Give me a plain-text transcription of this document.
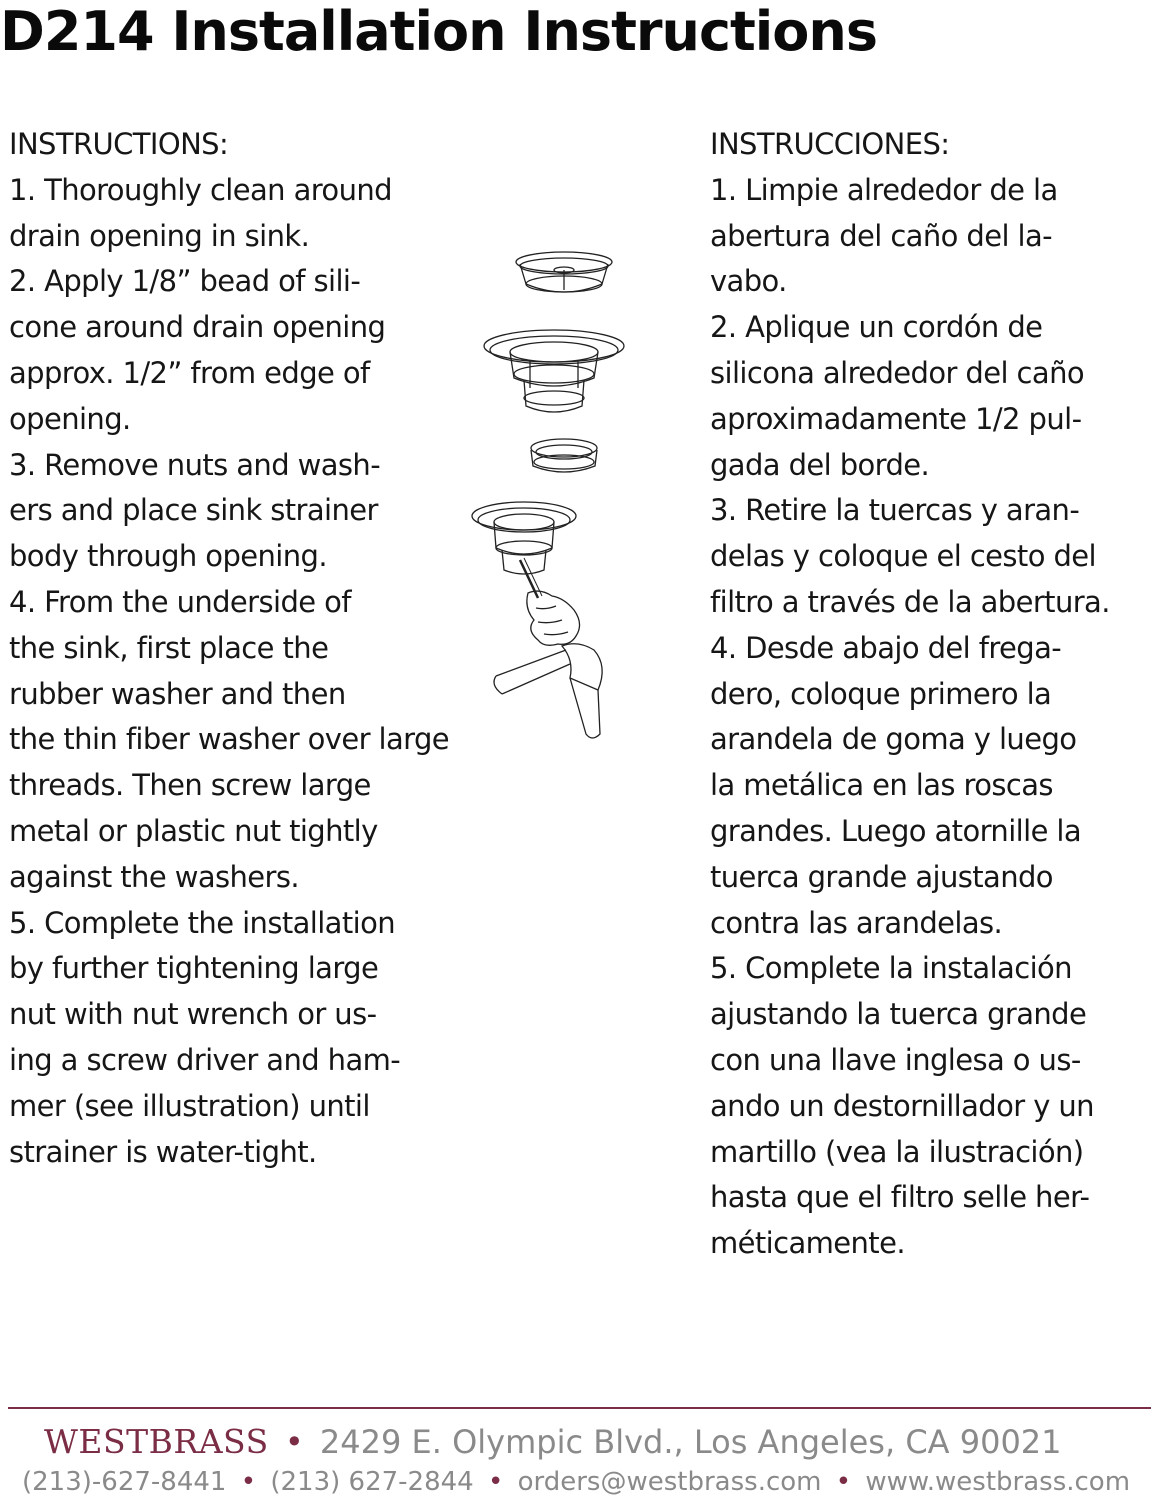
D214 Installation Instructions
INSTRUCTIONS:
1. Thoroughly clean around
drain opening in sink.
2. Apply 1/8” bead of sili-
cone around drain opening
approx. 1/2” from edge of
opening.
3. Remove nuts and wash-
ers and place sink strainer
body through opening.
4. From the underside of
the sink, first place the
rubber washer and then
the thin fiber washer over large
threads. Then screw large
metal or plastic nut tightly
against the washers.
5. Complete the installation
by further tightening large
nut with nut wrench or us-
ing a screw driver and ham-
mer (see illustration) until
strainer is water-tight.
INSTRUCCIONES:
1. Limpie alrededor de la
abertura del caño del la-
vabo.
2. Aplique un cordón de
silicona alrededor del caño
aproximadamente 1/2 pul-
gada del borde.
3. Retire la tuercas y aran-
delas y coloque el cesto del
filtro a través de la abertura.
4. Desde abajo del frega-
dero, coloque primero la
arandela de goma y luego
la metálica en las roscas
grandes. Luego atornille la
tuerca grande ajustando
contra las arandelas.
5. Complete la instalación
ajustando la tuerca grande
con una llave inglesa o us-
ando un destornillador y un
martillo (vea la ilustración)
hasta que el filtro selle her-
méticamente.
WESTBRASS • 2429 E. Olympic Blvd., Los Angeles, CA 90021
(213)-627-8441 • (213) 627-2844 • orders@westbrass.com • www.westbrass.com
